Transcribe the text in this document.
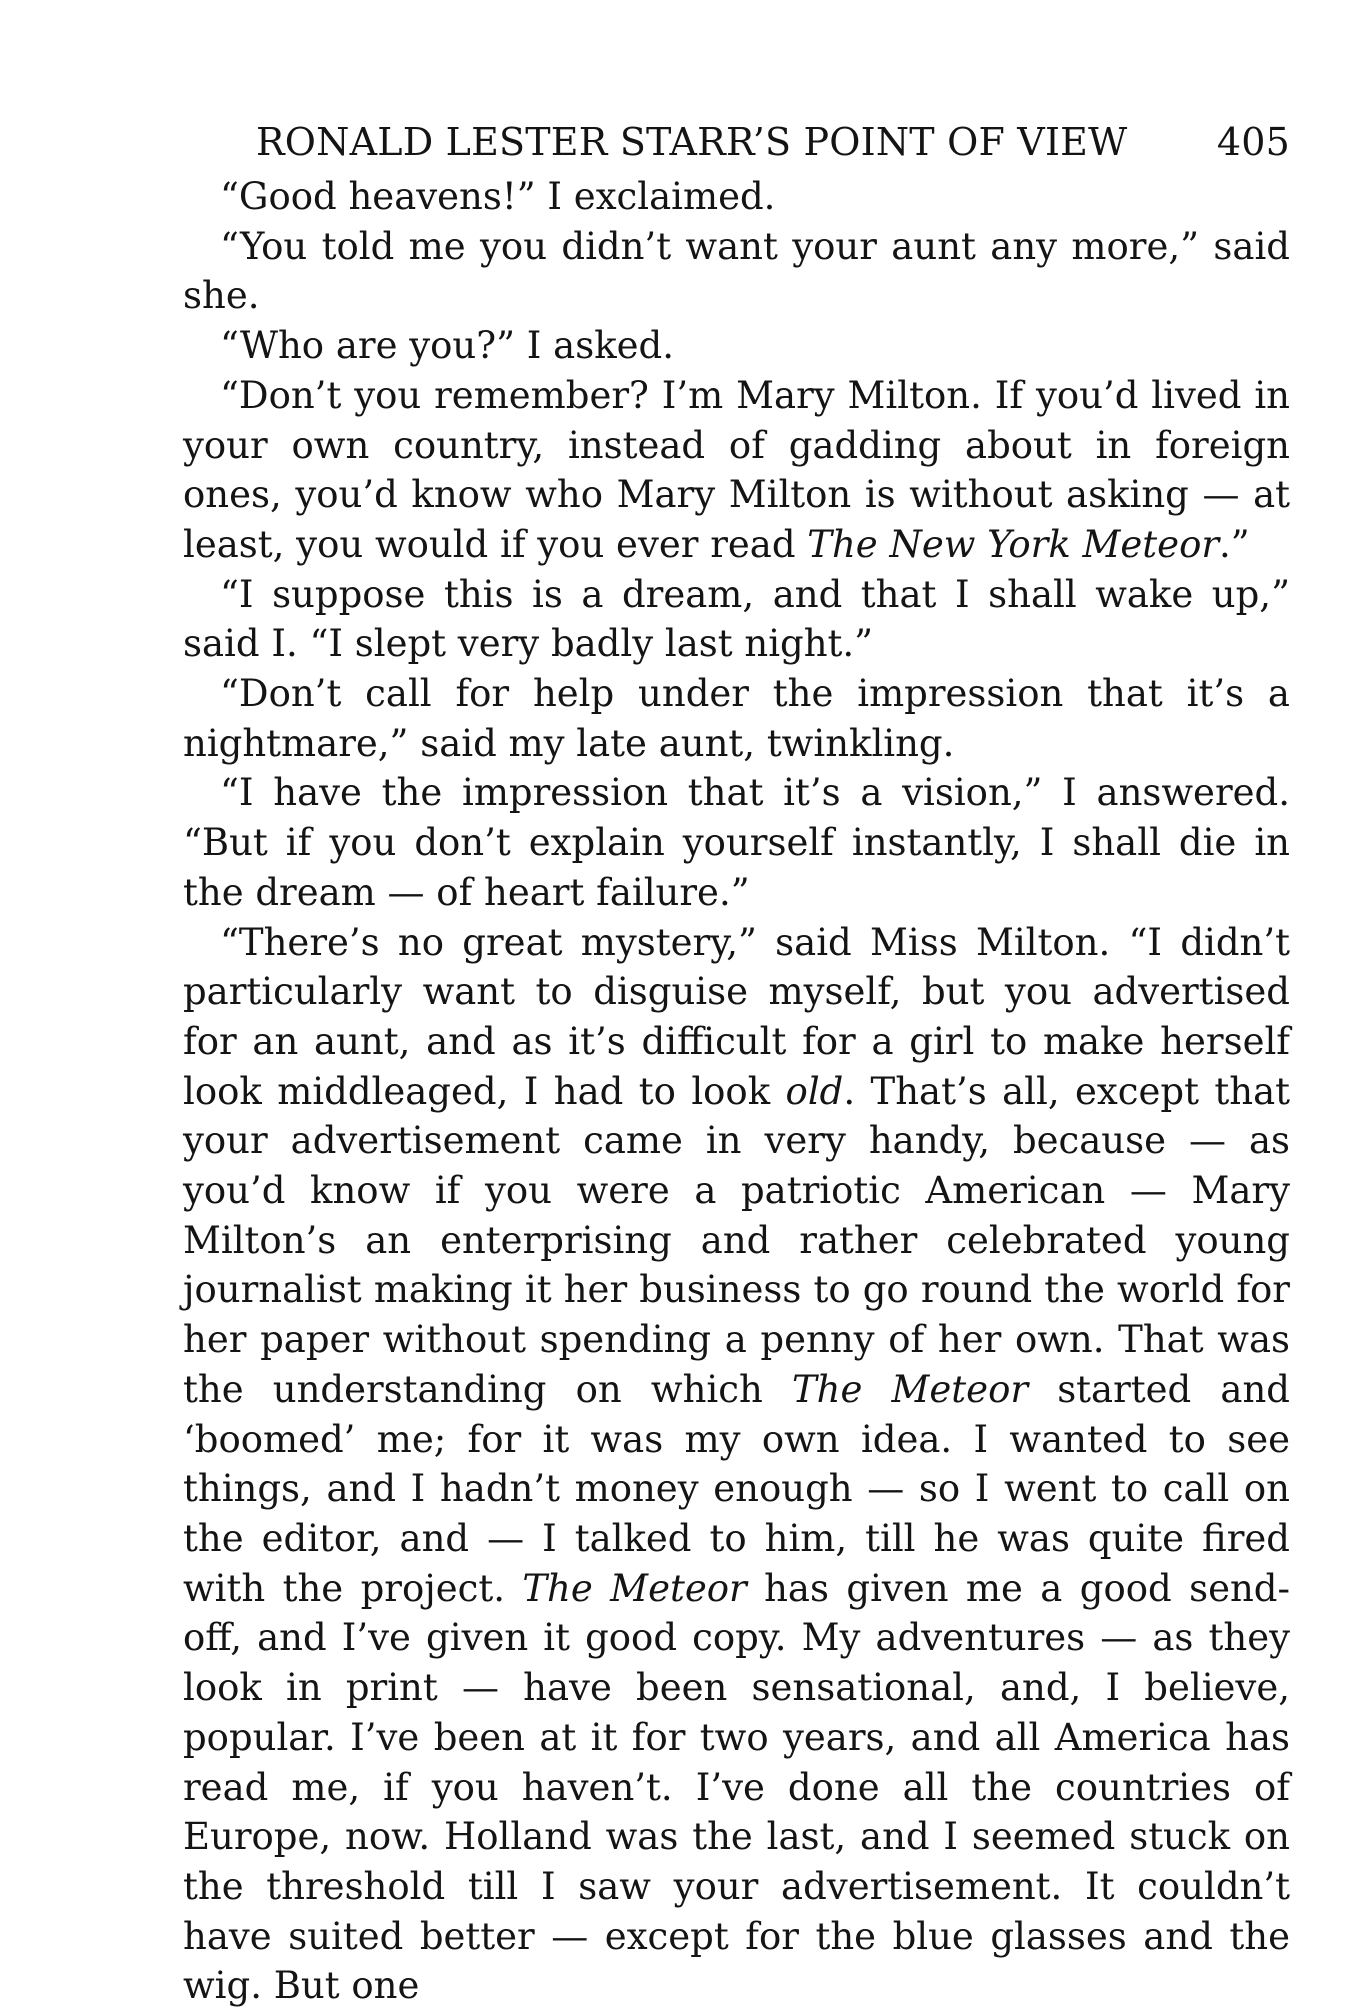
RONALD LESTER STARR’S POINT OF VIEW 405

“Good heavens!” I exclaimed.

“You told me you didn’t want your aunt any more,” said she.

“Who are you?” I asked.

“Don’t you remember? I’m Mary Milton. If you’d lived in your own country, instead of gadding about in foreign ones, you’d know who Mary Milton is without asking — at least, you would if you ever read The New York Meteor.”

“I suppose this is a dream, and that I shall wake up,” said I. “I slept very badly last night.”

“Don’t call for help under the impression that it’s a nightmare,” said my late aunt, twinkling.

“I have the impression that it’s a vision,” I answered. “But if you don’t explain yourself instantly, I shall die in the dream — of heart failure.”

“There’s no great mystery,” said Miss Milton. “I didn’t particularly want to disguise myself, but you advertised for an aunt, and as it’s difficult for a girl to make herself look middleaged, I had to look old. That’s all, except that your advertisement came in very handy, because — as you’d know if you were a patriotic American — Mary Milton’s an enterprising and rather celebrated young journalist making it her business to go round the world for her paper without spending a penny of her own. That was the understanding on which The Meteor started and ‘boomed’ me; for it was my own idea. I wanted to see things, and I hadn’t money enough — so I went to call on the editor, and — I talked to him, till he was quite fired with the project. The Meteor has given me a good send-off, and I’ve given it good copy. My adventures — as they look in print — have been sensational, and, I believe, popular. I’ve been at it for two years, and all America has read me, if you haven’t. I’ve done all the countries of Europe, now. Holland was the last, and I seemed stuck on the threshold till I saw your advertisement. It couldn’t have suited better — except for the blue glasses and the wig. But one
